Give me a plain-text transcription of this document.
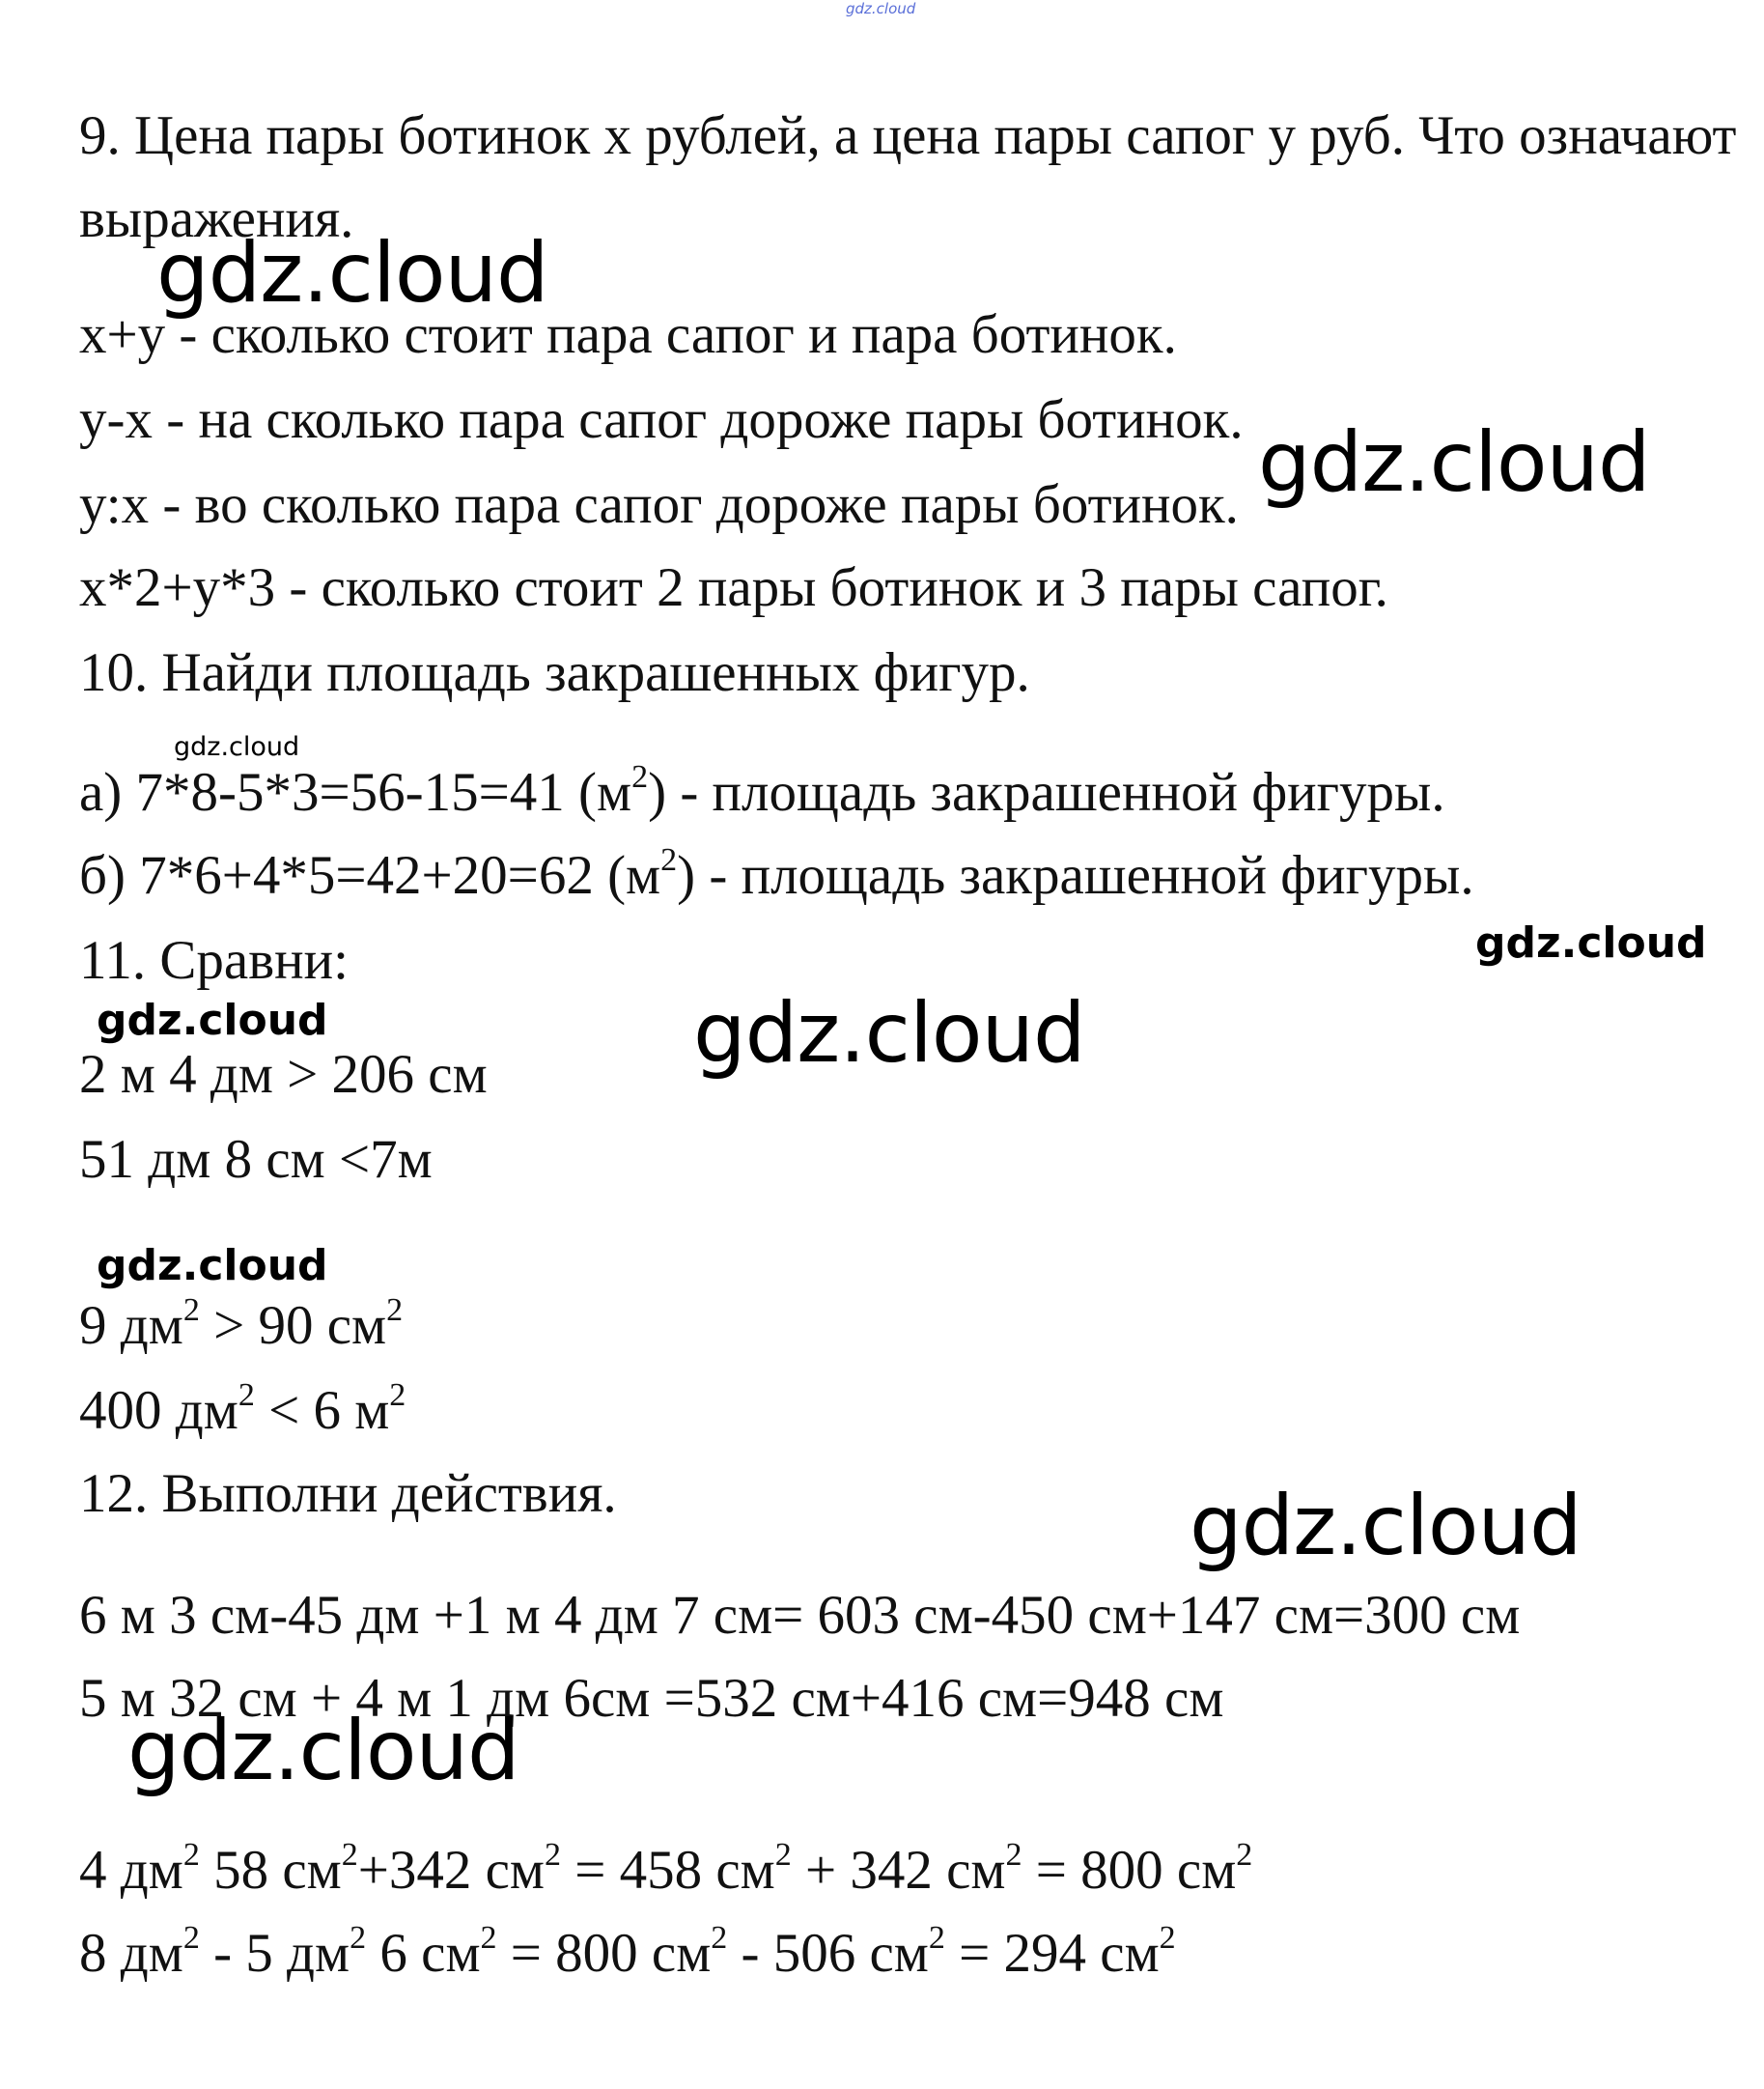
gdz.cloud
9. Цена пары ботинок х рублей, а цена пары сапог у руб. Что означают
выражения.
х+у - сколько стоит пара сапог и пара ботинок.
у-х - на сколько пара сапог дороже пары ботинок.
у:х - во сколько пара сапог дороже пары ботинок.
х*2+у*3 - сколько стоит 2 пары ботинок и 3 пары сапог.
10. Найди площадь закрашенных фигур.
а) 7*8-5*3=56-15=41 $(м^2)$ - площадь закрашенной фигуры.
б) 7*6+4*5=42+20=62 $(м^2)$ - площадь закрашенной фигуры.
11. Сравни:
2 м 4 дм > 206 см
51 дм 8 см <7м
9 $дм^2 > 90$ $см^2$
400 $дм^2 < 6$ $м^2$
12. Выполни действия.
6 м 3 см-45 дм +1 м 4 дм 7 см= 603 см-450 см+147 см=300 см
5 м 32 см + 4 м 1 дм 6см =532 см+416 см=948 см
4 $дм^2$ 58 $см^2+342$ $см^2 = 458$ $см^2 + 342$ $см^2 = 800$ $см^2$
8 $дм^2 - 5$ $дм^2$ 6 $см^2 = 800$ $см^2 - 506$ $см^2 = 294$ $см^2$
gdz.cloud
gdz.cloud
gdz.cloud
gdz.cloud
gdz.cloud	gdz.cloud
gdz.cloud
gdz.cloud
gdz.cloud
